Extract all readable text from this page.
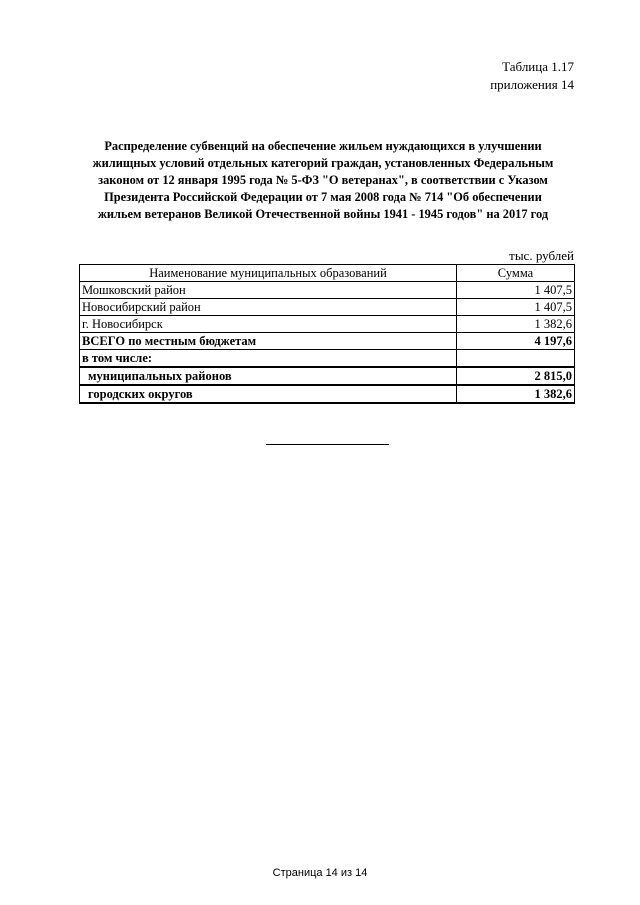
Таблица 1.17
приложения 14
Распределение субвенций на обеспечение жильем нуждающихся в улучшении
жилищных условий отдельных категорий граждан, установленных Федеральным
законом от 12 января 1995 года № 5-ФЗ "О ветеранах", в соответствии с Указом
Президента Российской Федерации от 7 мая 2008 года № 714 "Об обеспечении
жильем ветеранов Великой Отечественной войны 1941 - 1945 годов" на 2017 год
тыс. рублей
Наименование муниципальных образований	Сумма
Мошковский район	1 407,5
Новосибирский район	1 407,5
г. Новосибирск	1 382,6
ВСЕГО по местным бюджетам	4 197,6
в том числе:	
муниципальных районов	2 815,0
городских округов	1 382,6
Страница 14 из 14
